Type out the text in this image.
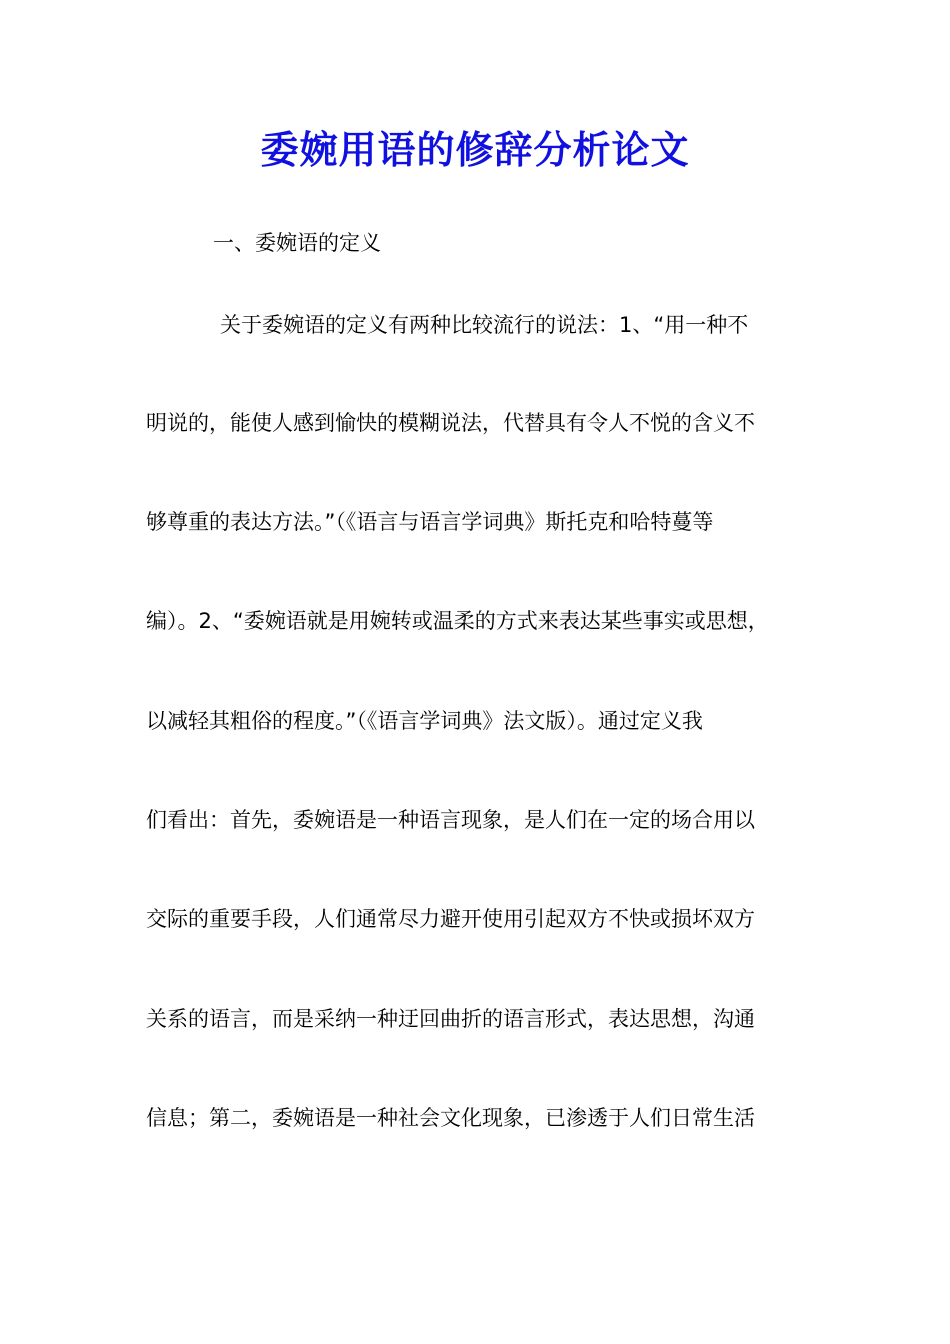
委婉用语的修辞分析论文

一、委婉语的定义

关于委婉语的定义有两种比较流行的说法：1、“用一种不

明说的，能使人感到愉快的模糊说法，代替具有令人不悦的含义不

够尊重的表达方法。”（《语言与语言学词典》斯托克和哈特蔓等

编）。2、“委婉语就是用婉转或温柔的方式来表达某些事实或思想，

以减轻其粗俗的程度。”（《语言学词典》法文版）。通过定义我

们看出：首先，委婉语是一种语言现象，是人们在一定的场合用以

交际的重要手段，人们通常尽力避开使用引起双方不快或损坏双方

关系的语言，而是采纳一种迂回曲折的语言形式，表达思想，沟通

信息；第二，委婉语是一种社会文化现象，已渗透于人们日常生活
